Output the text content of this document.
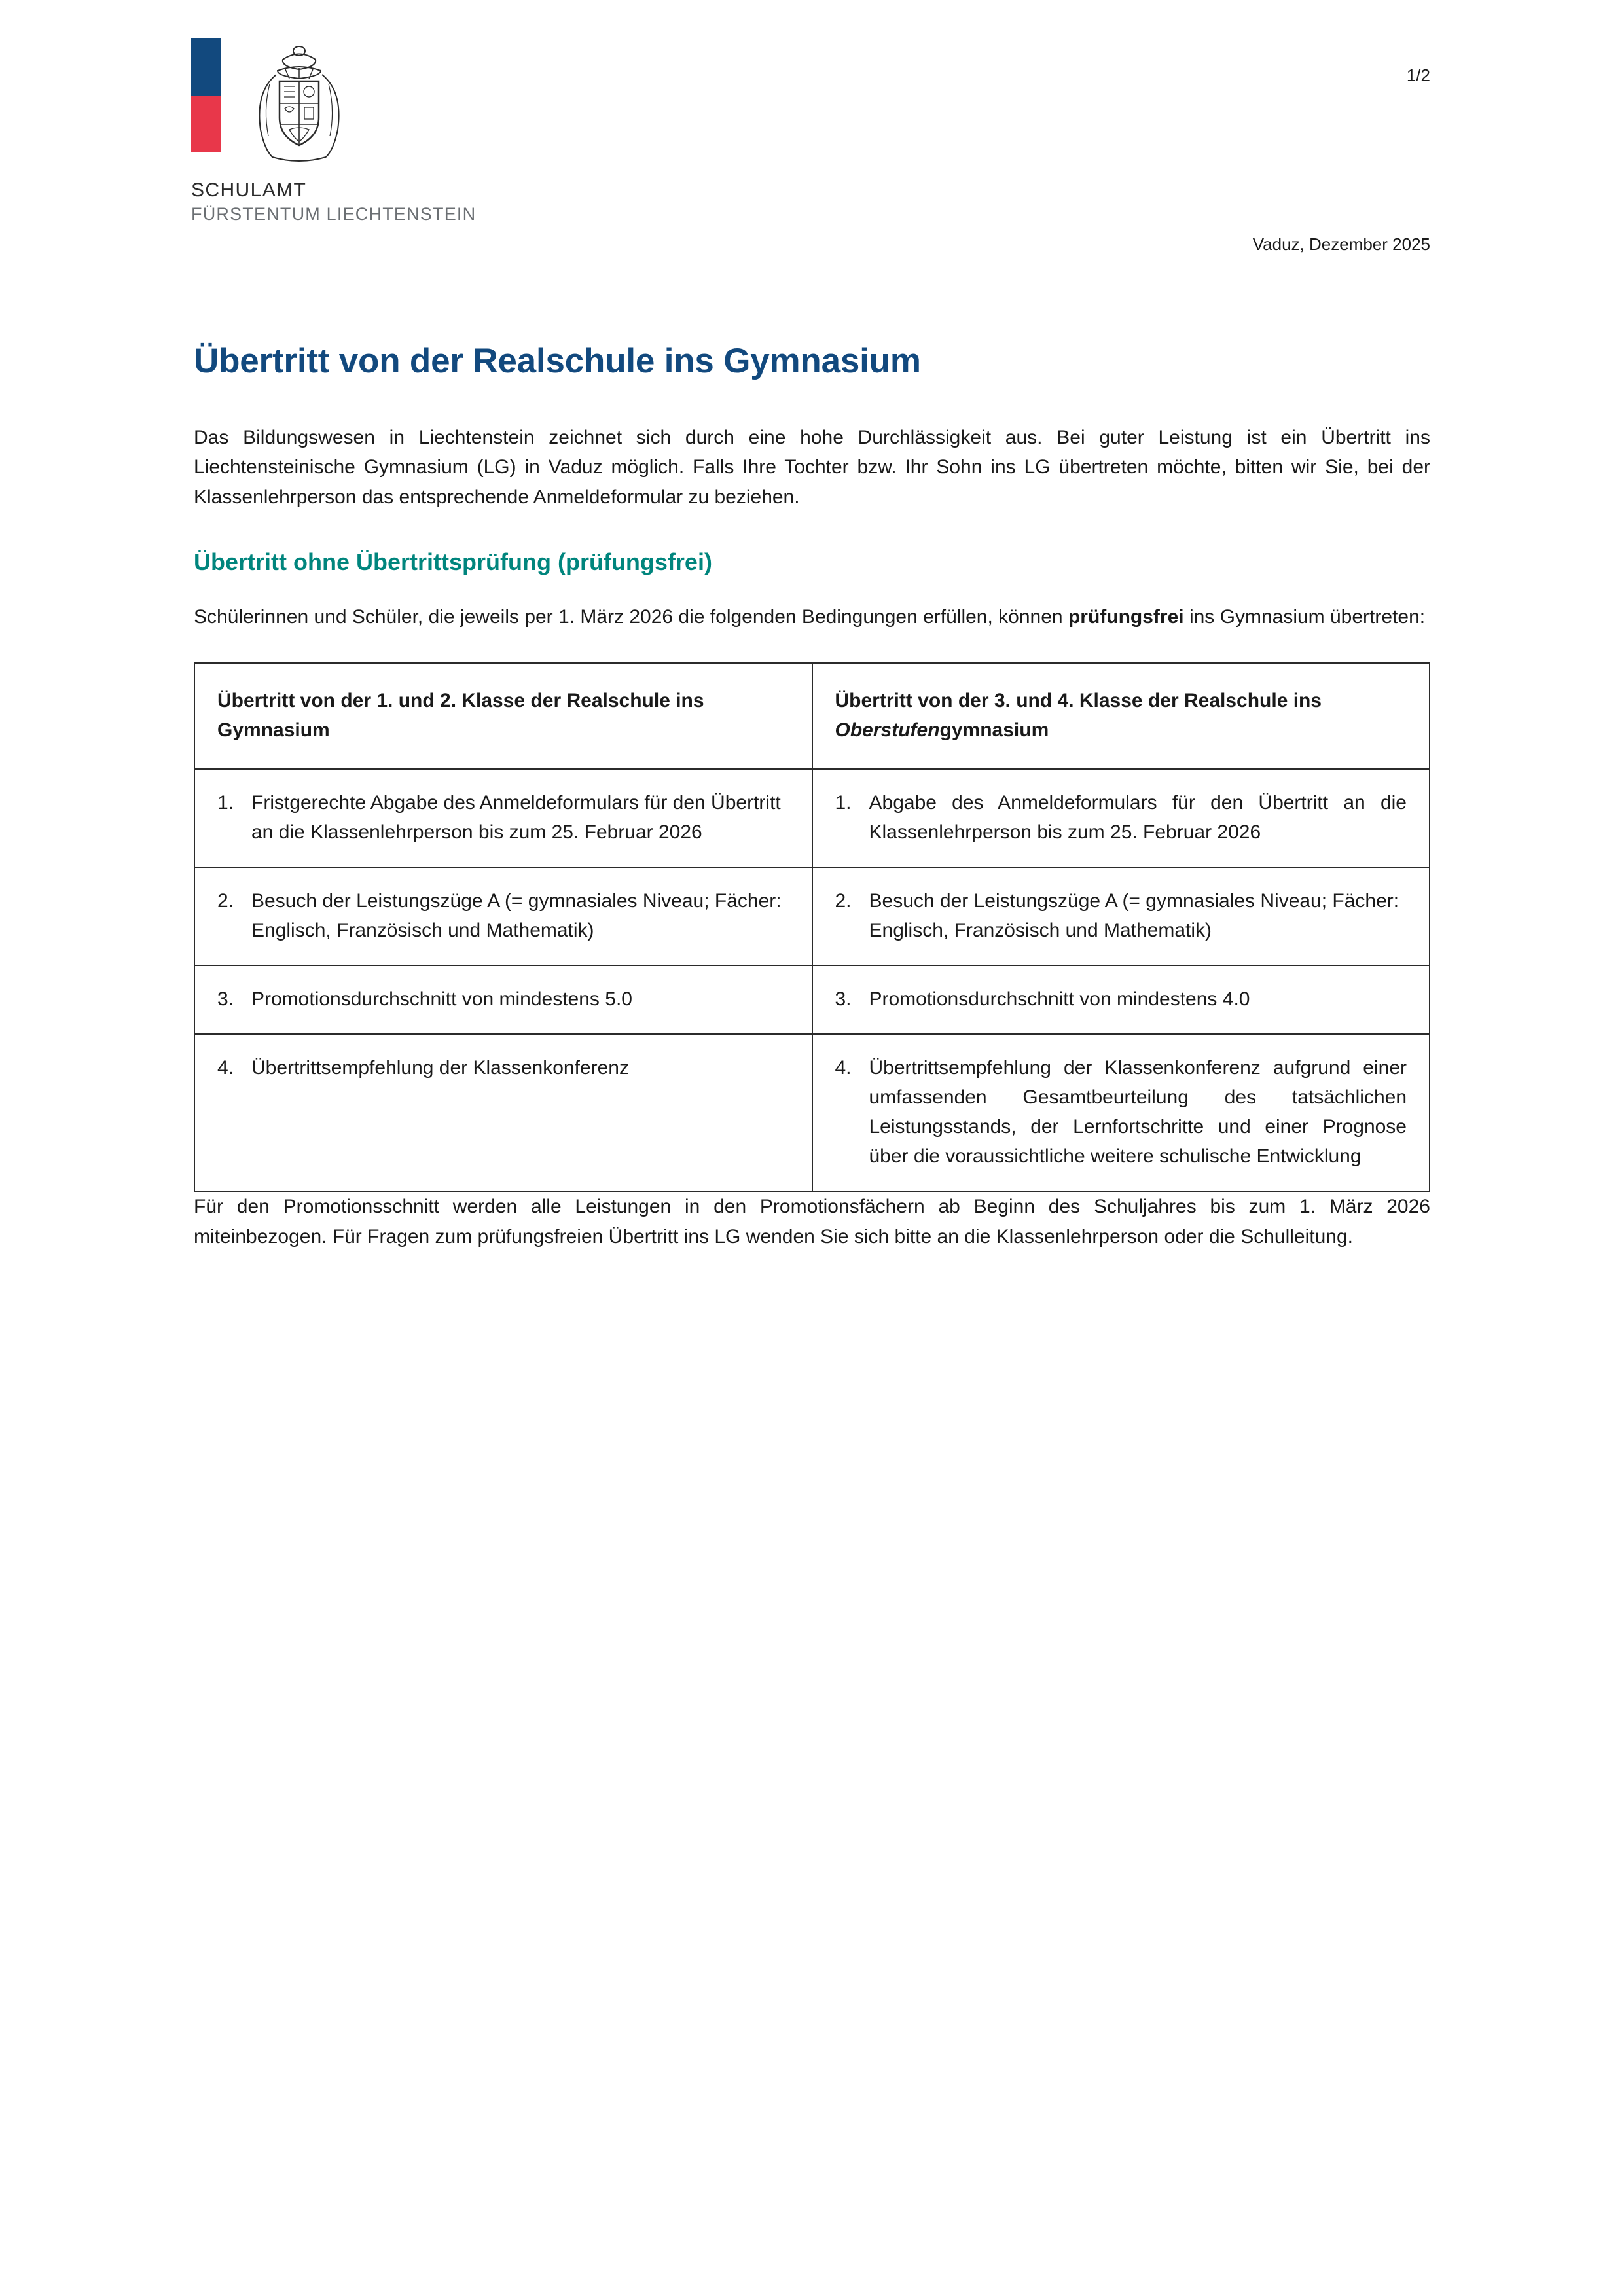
SCHULAMT
FÜRSTENTUM LIECHTENSTEIN
1/2
Vaduz, Dezember 2025
Übertritt von der Realschule ins Gymnasium

Das Bildungswesen in Liechtenstein zeichnet sich durch eine hohe Durchlässigkeit aus. Bei guter Leistung ist ein Übertritt ins Liechtensteinische Gymnasium (LG) in Vaduz möglich. Falls Ihre Tochter bzw. Ihr Sohn ins LG übertreten möchte, bitten wir Sie, bei der Klassenlehrperson das entsprechende Anmeldeformular zu beziehen.

Übertritt ohne Übertrittsprüfung (prüfungsfrei)

Schülerinnen und Schüler, die jeweils per 1. März 2026 die folgenden Bedingungen erfüllen, können prüfungsfrei ins Gymnasium übertreten:

Übertritt von der 1. und 2. Klasse der Realschule ins Gymnasium	Übertritt von der 3. und 4. Klasse der Realschule ins Oberstufengymnasium

1. Fristgerechte Abgabe des Anmeldeformulars für den Übertritt an die Klassenlehrperson bis zum 25. Februar 2026	1. Abgabe des Anmeldeformulars für den Übertritt an die Klassenlehrperson bis zum 25. Februar 2026

2. Besuch der Leistungszüge A (= gymnasiales Niveau; Fächer: Englisch, Französisch und Mathematik)	2. Besuch der Leistungszüge A (= gymnasiales Niveau; Fächer: Englisch, Französisch und Mathematik)

3. Promotionsdurchschnitt von mindestens 5.0	3. Promotionsdurchschnitt von mindestens 4.0

4. Übertrittsempfehlung der Klassenkonferenz	4. Übertrittsempfehlung der Klassenkonferenz aufgrund einer umfassenden Gesamtbeurteilung des tatsächlichen Leistungsstands, der Lernfortschritte und einer Prognose über die voraussichtliche weitere schulische Entwicklung

Für den Promotionsschnitt werden alle Leistungen in den Promotionsfächern ab Beginn des Schuljahres bis zum 1. März 2026 miteinbezogen. Für Fragen zum prüfungsfreien Übertritt ins LG wenden Sie sich bitte an die Klassenlehrperson oder die Schulleitung.
